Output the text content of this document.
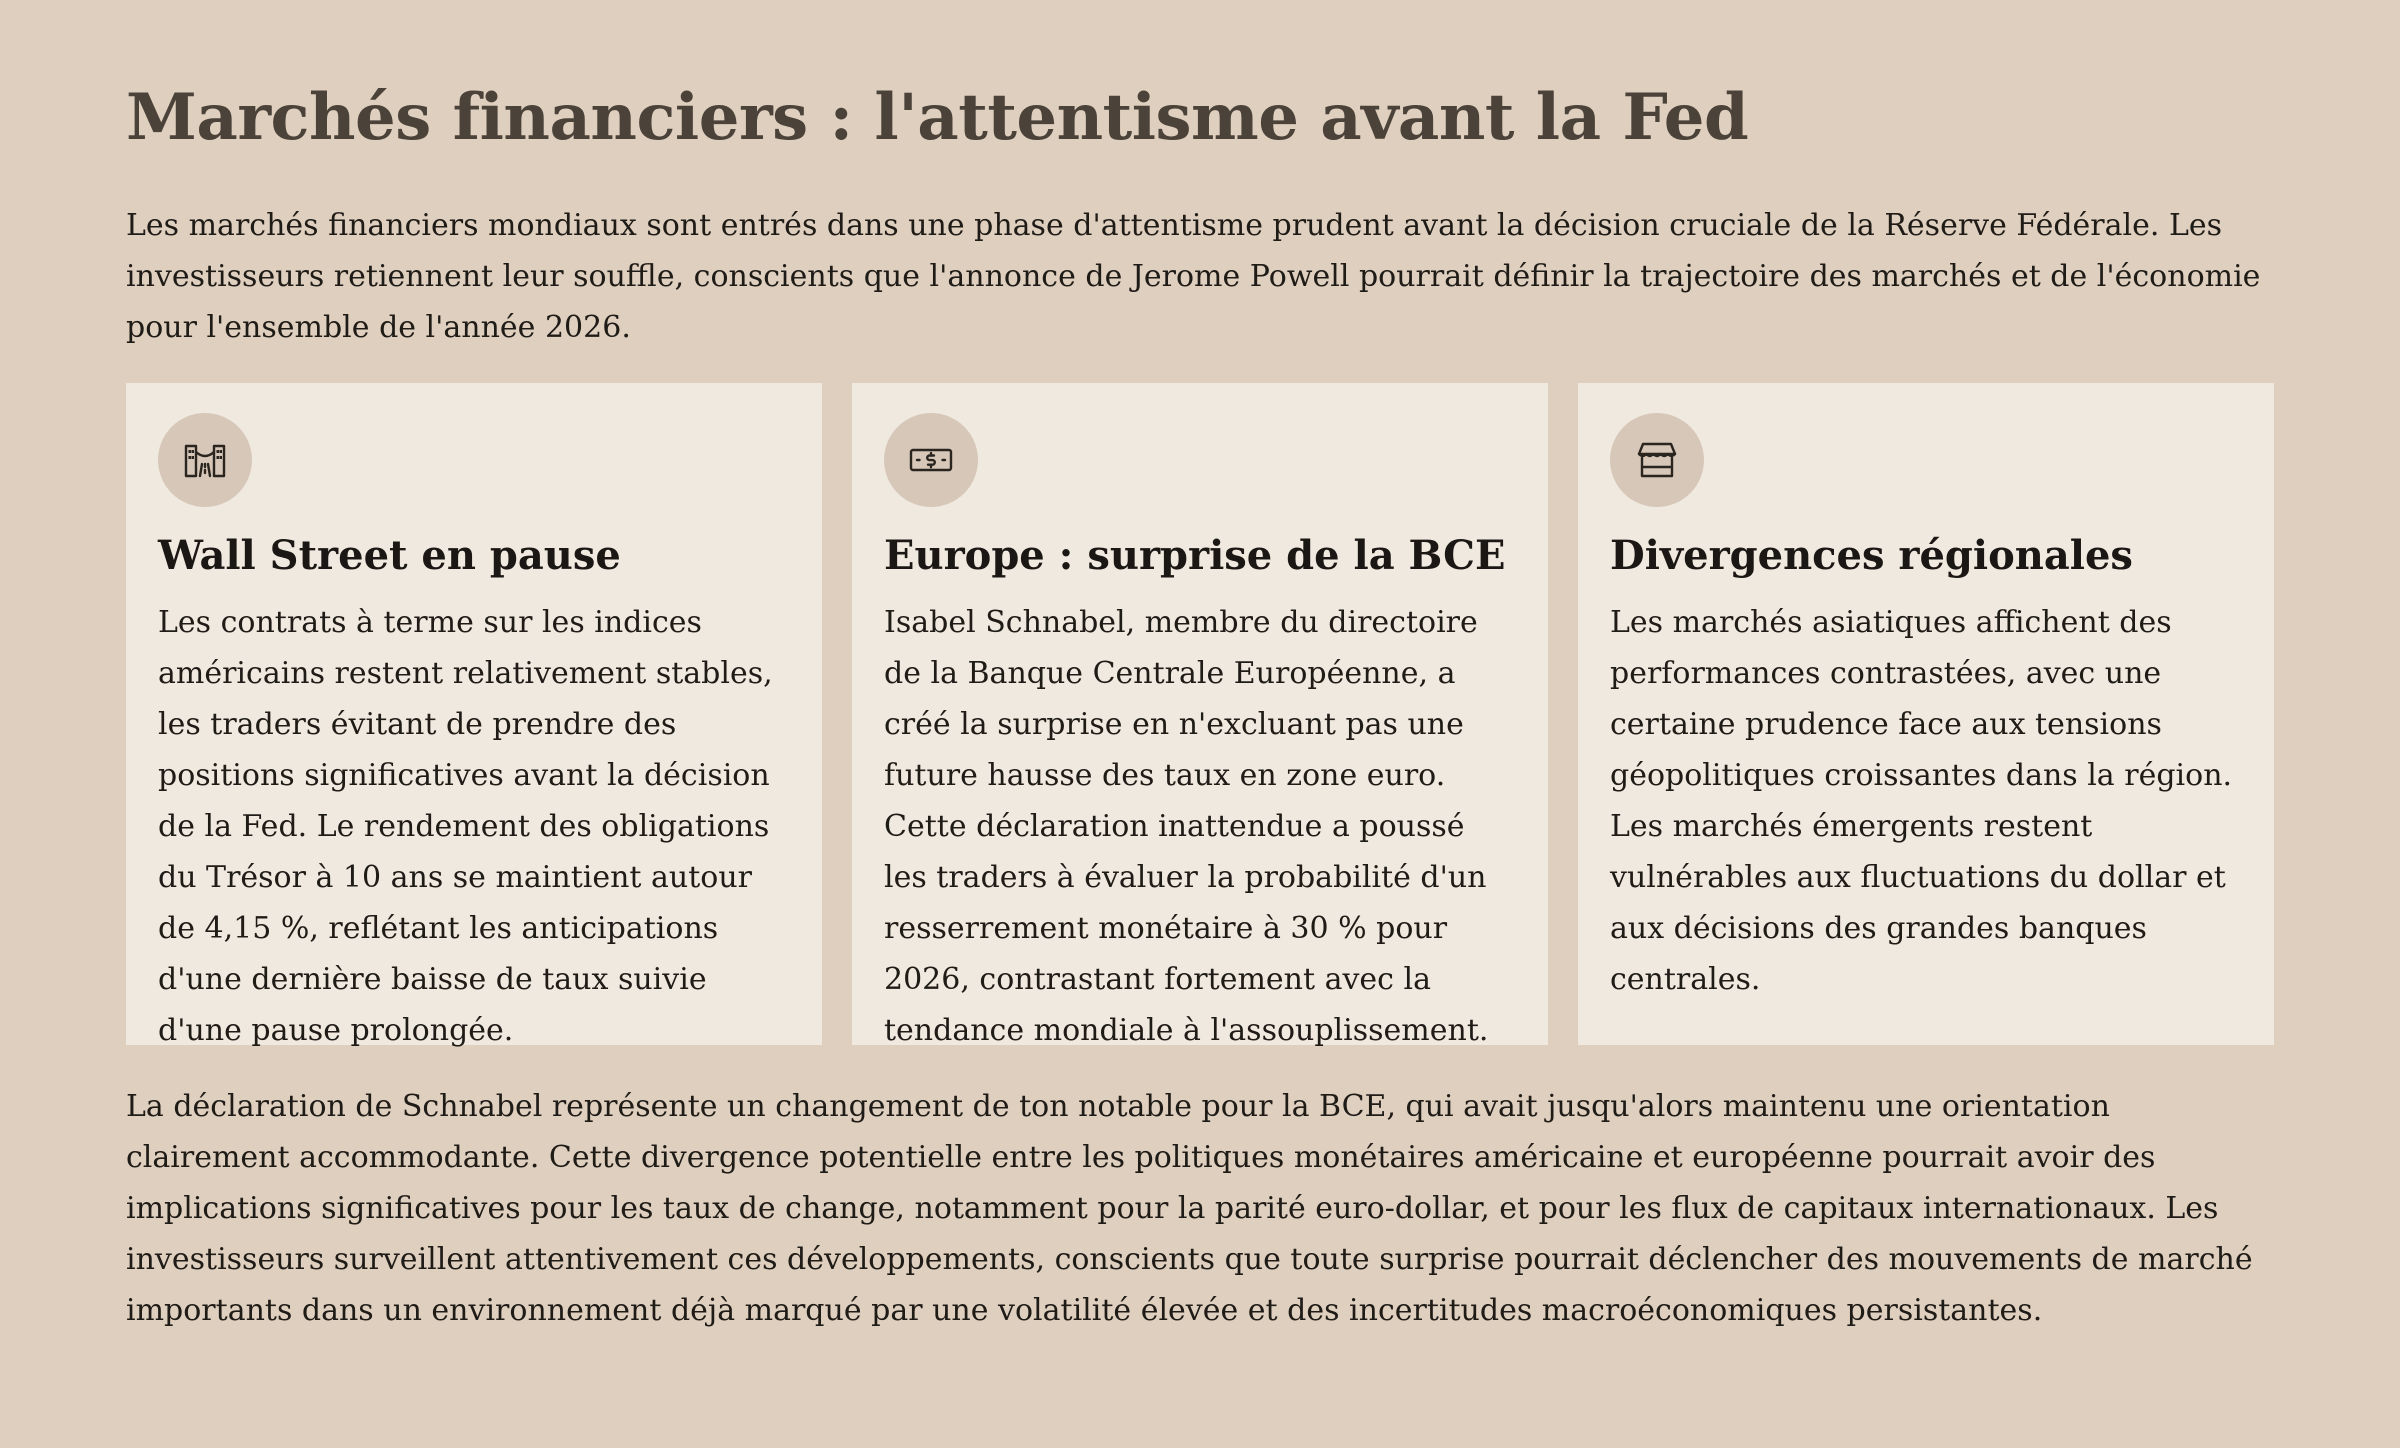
Marchés financiers : l'attentisme avant la Fed

Les marchés financiers mondiaux sont entrés dans une phase d'attentisme prudent avant la décision cruciale de la Réserve Fédérale. Les investisseurs retiennent leur souffle, conscients que l'annonce de Jerome Powell pourrait définir la trajectoire des marchés et de l'économie pour l'ensemble de l'année 2026.

Wall Street en pause

Les contrats à terme sur les indices américains restent relativement stables, les traders évitant de prendre des positions significatives avant la décision de la Fed. Le rendement des obligations du Trésor à 10 ans se maintient autour de 4,15 %, reflétant les anticipations d'une dernière baisse de taux suivie d'une pause prolongée.

Europe : surprise de la BCE

Isabel Schnabel, membre du directoire de la Banque Centrale Européenne, a créé la surprise en n'excluant pas une future hausse des taux en zone euro. Cette déclaration inattendue a poussé les traders à évaluer la probabilité d'un resserrement monétaire à 30 % pour 2026, contrastant fortement avec la tendance mondiale à l'assouplissement.

Divergences régionales

Les marchés asiatiques affichent des performances contrastées, avec une certaine prudence face aux tensions géopolitiques croissantes dans la région. Les marchés émergents restent vulnérables aux fluctuations du dollar et aux décisions des grandes banques centrales.

La déclaration de Schnabel représente un changement de ton notable pour la BCE, qui avait jusqu'alors maintenu une orientation clairement accommodante. Cette divergence potentielle entre les politiques monétaires américaine et européenne pourrait avoir des implications significatives pour les taux de change, notamment pour la parité euro-dollar, et pour les flux de capitaux internationaux. Les investisseurs surveillent attentivement ces développements, conscients que toute surprise pourrait déclencher des mouvements de marché importants dans un environnement déjà marqué par une volatilité élevée et des incertitudes macroéconomiques persistantes.
